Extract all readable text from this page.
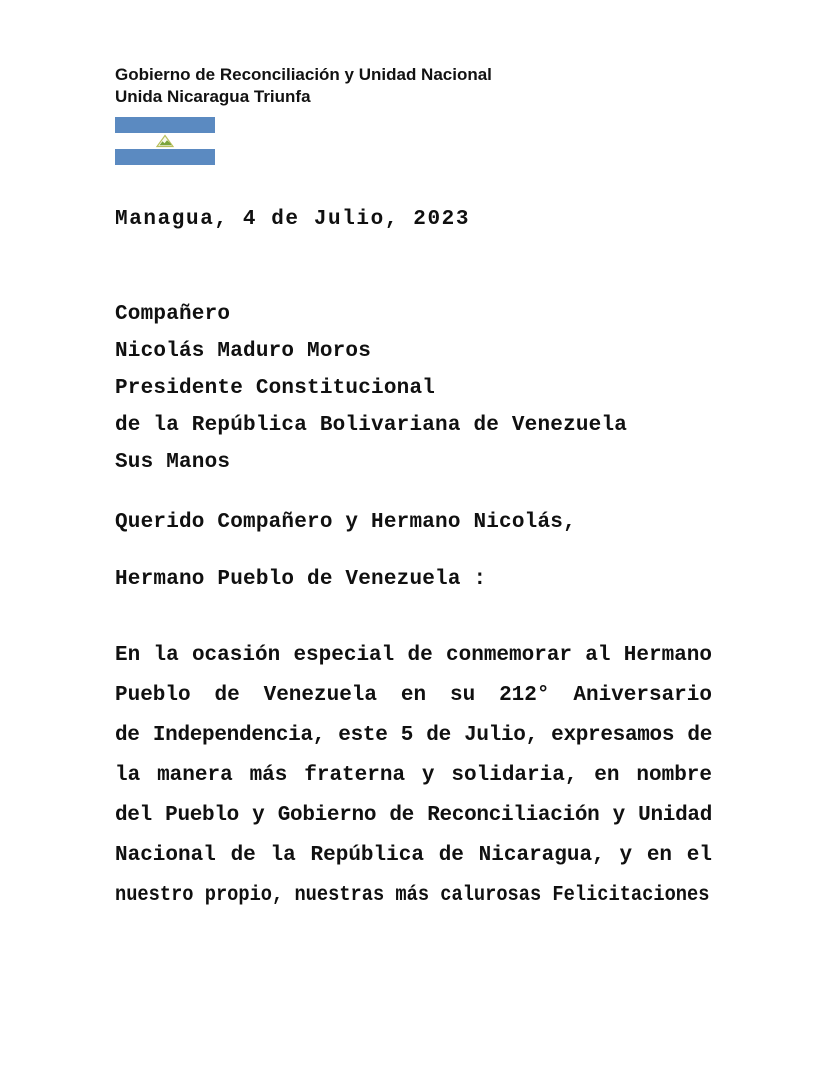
Gobierno de Reconciliación y Unidad Nacional
Unida Nicaragua Triunfa
Managua, 4 de Julio, 2023
Compañero
Nicolás Maduro Moros
Presidente Constitucional
de la República Bolivariana de Venezuela
Sus Manos
Querido Compañero y Hermano Nicolás,
Hermano Pueblo de Venezuela :
En la ocasión especial de conmemorar al Hermano
Pueblo de Venezuela en su 212° Aniversario
de Independencia, este 5 de Julio, expresamos de
la manera más fraterna y solidaria, en nombre
del Pueblo y Gobierno de Reconciliación y Unidad
Nacional de la República de Nicaragua, y en el
nuestro propio, nuestras más calurosas Felicitaciones
